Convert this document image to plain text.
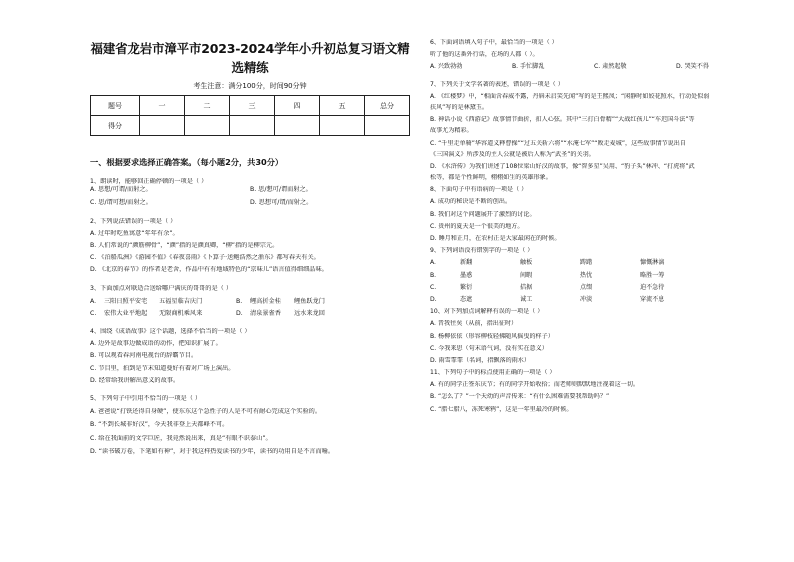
福建省龙岩市漳平市2023-2024学年小升初总复习语文精选精练
考生注意：满分100分，时间90分钟
题号	一	二	三	四	五	总分
得分						
一、根据要求选择正确答案。（每小题2分，共30分）
1、朗读时，能够回正确停顿的一项是（ ）
A. 思想/可谓/而射之。	B. 思/想可/谓而射之。
C. 思/谓可想/而射之。	D. 思想可/谓/而射之。
2、下列说法错误的一项是（ ）
A. 过年时吃鱼寓意“年年有余”。
B. 人们常说的“颜筋柳骨”，“颜”指的是颜真卿，“柳”指的是柳宗元。
C. 《泊船瓜洲》《游园不值》《春夜喜雨》《卜算子·送鲍浩然之浙东》都写春天有关。
D. 《北京的春节》的作者是老舍，作品中有有地域特色的“京味儿”语言值得细细品味。
3、下面加点对联适合送给哪户满庆的哥哥的是（ ）
A.	三阳日照平安宅	五福星临吉庆门	B.	鲤高折金桂	鲤鱼跃龙门
C.	宏伟大业平地起	无限商机乘风来	D.	清泉景雀香	远水来龙回
4、围绕《成语故事》这个话题，选择不恰当的一项是（ ）
A. 边外是故事边做成语的动作，把知识扩展了。
B. 可以观看春河南电视台的辞霸节目。
C. 节目里，拍到是节末知道曼好有着对广场上演出。
D. 经常给我讲解出意义的故事。
5、下列句子中引用不恰当的一项是（ ）
A. 爸爸说“打铁还得自身硬”，使东东这个急性子的人是不可有耐心完成这个实验的。
B. “不到长城非好汉”，今天我非登上天都峰不可。
C. 给在我面前的文学巨匠，我竟然说出来，真是“有眼不识泰山”。
D. “读书破万卷，下笔如有神”，对于我这样热爱读书的少年，读书的功用自是不言而喻。
6、下面词语填入句子中，最恰当的一项是（ ）
听了他的这番外行话，在场的人都（ ）。
A. 兴致勃勃	B. 手忙脚乱	C. 肃然起敬	D. 哭笑不得
7、下列关于文学名著的表述，错误的一项是（ ）
A. 《红楼梦》中，“相面含春威不露，丹唇未启笑先闻”写的是王熙凤；“闲静时如姣花照水，行动处似弱
扶风”写的是林黛玉。
B. 神话小说《西游记》故事情节曲折，扣人心弦。其中“三打白骨精”“大战红孩儿”“车迟国斗法”等
故事尤为精彩。
C. “千里走单骑”华容道义释曹操”“过五关斩六将”“水淹七军”“败走麦城”，这些故事情节说出自
《三国演义》所涉及的主人公就是被后人称为“武圣”的关羽。
D. 《水浒传》为我们讲述了108位梁山好汉的故事，像“智多星”吴用、“豹子头”林冲、“打虎将”武
松等，都是个性鲜明，栩栩如生的英雄形象。
8、下面句子中有语病的一项是（ ）
A. 成功的秘诀是不断的创出。
B. 我们对这个问题展开了激烈的讨论。
C. 贵州的夏天是一个很美的地方。
D. 睡月和正月，在农村正是大家最闲在的时候。
9、下列词语没有错别字的一项是（ ）
A.	新翻	触板	踌躇	慷慨淋漓
B.	墨惑	间暇	热忧	略胜一筹
C.	繁衍	拮据	点缀	迫不急待
D.	态遮	诚工	冲淡	穿流不息
10、对下列加点词解释有误的一项是（ ）
A. 昔我往矣（从前，指出征时）
B. 杨柳依依（形容柳枝轻拂随风摇曳的样子）
C. 今我来思（句末语气词，没有实在意义）
D. 雨雪霏霏（名词，指飘落的雨水）
11、下列句子中的标点使用正确的一项是（ ）
A. 有的同学正签东庆节；有的同学开始收拾；而老师则默默地注视着这一切。
B. “怎么了？”一个天幼的声音传来：“有什么困难需要我帮助吗？”
C. “腊七腊八，冻死寒鸦”，这是一年里最冷的时候。
